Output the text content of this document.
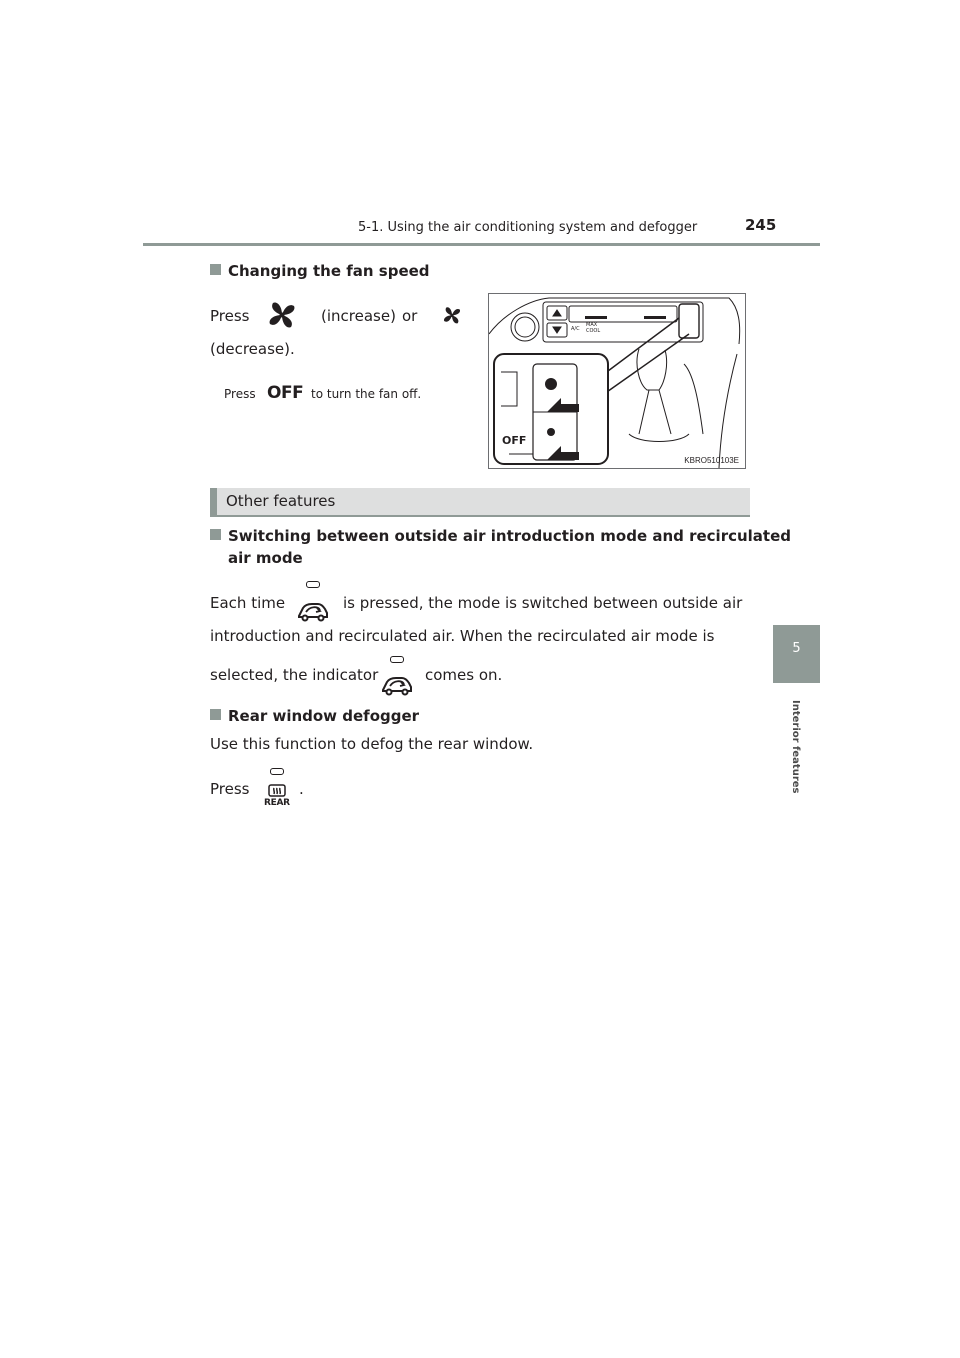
5-1. Using the air conditioning system and defogger	245
5
Interior features
Changing the fan speed
Press	(increase) or
(decrease).
Press OFF to turn the fan off.
OFF
A/C
MAX
COOL
KBRO510103E
Other features
Switching between outside air introduction mode and recirculated
air mode
Each time	is pressed, the mode is switched between outside air
introduction and recirculated air. When the recirculated air mode is
selected, the indicator	comes on.
Rear window defogger
Use this function to defog the rear window.
Press
REAR
.
